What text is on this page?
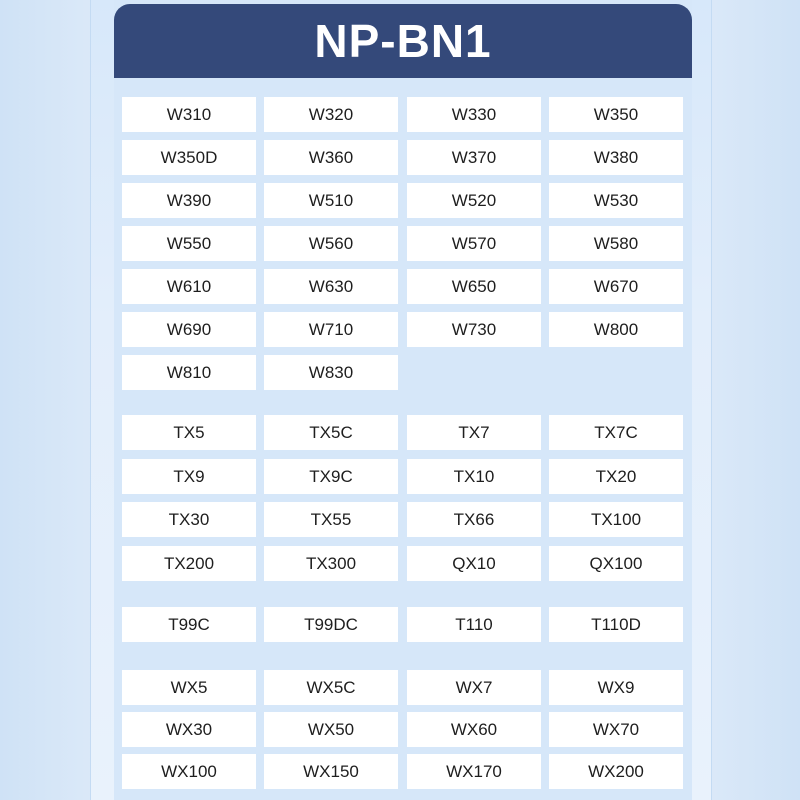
NP-BN1
W310	W320	W330	W350
W350D	W360	W370	W380
W390	W510	W520	W530
W550	W560	W570	W580
W610	W630	W650	W670
W690	W710	W730	W800
W810	W830
TX5	TX5C	TX7	TX7C
TX9	TX9C	TX10	TX20
TX30	TX55	TX66	TX100
TX200	TX300	QX10	QX100
T99C	T99DC	T110	T110D
WX5	WX5C	WX7	WX9
WX30	WX50	WX60	WX70
WX100	WX150	WX170	WX200
